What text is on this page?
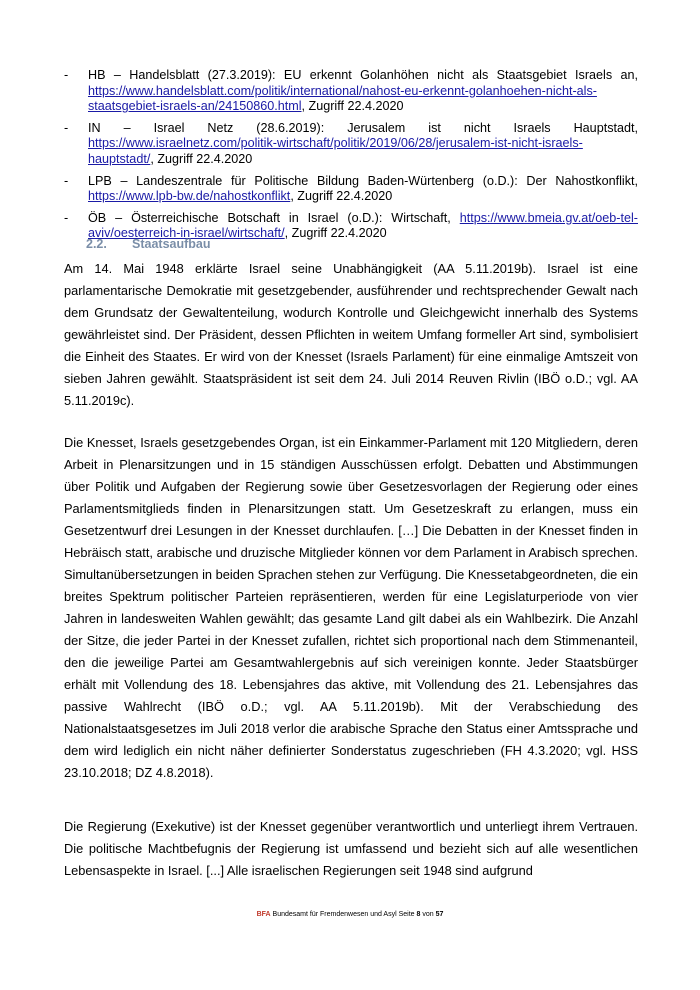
- HB – Handelsblatt (27.3.2019): EU erkennt Golanhöhen nicht als Staatsgebiet Israels an, https://www.handelsblatt.com/politik/international/nahost-eu-erkennt-golanhoehen-nicht-als-staatsgebiet-israels-an/24150860.html, Zugriff 22.4.2020
- IN – Israel Netz (28.6.2019): Jerusalem ist nicht Israels Hauptstadt, https://www.israelnetz.com/politik-wirtschaft/politik/2019/06/28/jerusalem-ist-nicht-israels-hauptstadt/, Zugriff 22.4.2020
- LPB – Landeszentrale für Politische Bildung Baden-Würtenberg (o.D.): Der Nahostkonflikt, https://www.lpb-bw.de/nahostkonflikt, Zugriff 22.4.2020
- ÖB – Österreichische Botschaft in Israel (o.D.): Wirtschaft, https://www.bmeia.gv.at/oeb-tel-aviv/oesterreich-in-israel/wirtschaft/, Zugriff 22.4.2020
2.2. Staatsaufbau

Am 14. Mai 1948 erklärte Israel seine Unabhängigkeit (AA 5.11.2019b). Israel ist eine parlamentarische Demokratie mit gesetzgebender, ausführender und rechtsprechender Gewalt nach dem Grundsatz der Gewaltenteilung, wodurch Kontrolle und Gleichgewicht innerhalb des Systems gewährleistet sind. Der Präsident, dessen Pflichten in weitem Umfang formeller Art sind, symbolisiert die Einheit des Staates. Er wird von der Knesset (Israels Parlament) für eine einmalige Amtszeit von sieben Jahren gewählt. Staatspräsident ist seit dem 24. Juli 2014 Reuven Rivlin (IBÖ o.D.; vgl. AA 5.11.2019c).

Die Knesset, Israels gesetzgebendes Organ, ist ein Einkammer-Parlament mit 120 Mitgliedern, deren Arbeit in Plenarsitzungen und in 15 ständigen Ausschüssen erfolgt. Debatten und Abstimmungen über Politik und Aufgaben der Regierung sowie über Gesetzesvorlagen der Regierung oder eines Parlamentsmitglieds finden in Plenarsitzungen statt. Um Gesetzeskraft zu erlangen, muss ein Gesetzentwurf drei Lesungen in der Knesset durchlaufen. […] Die Debatten in der Knesset finden in Hebräisch statt, arabische und druzische Mitglieder können vor dem Parlament in Arabisch sprechen. Simultanübersetzungen in beiden Sprachen stehen zur Verfügung. Die Knessetabgeordneten, die ein breites Spektrum politischer Parteien repräsentieren, werden für eine Legislaturperiode von vier Jahren in landesweiten Wahlen gewählt; das gesamte Land gilt dabei als ein Wahlbezirk. Die Anzahl der Sitze, die jeder Partei in der Knesset zufallen, richtet sich proportional nach dem Stimmenanteil, den die jeweilige Partei am Gesamtwahlergebnis auf sich vereinigen konnte. Jeder Staatsbürger erhält mit Vollendung des 18. Lebensjahres das aktive, mit Vollendung des 21. Lebensjahres das passive Wahlrecht (IBÖ o.D.; vgl. AA 5.11.2019b). Mit der Verabschiedung des Nationalstaatsgesetzes im Juli 2018 verlor die arabische Sprache den Status einer Amtssprache und dem wird lediglich ein nicht näher definierter Sonderstatus zugeschrieben (FH 4.3.2020; vgl. HSS 23.10.2018; DZ 4.8.2018).

Die Regierung (Exekutive) ist der Knesset gegenüber verantwortlich und unterliegt ihrem Vertrauen. Die politische Machtbefugnis der Regierung ist umfassend und bezieht sich auf alle wesentlichen Lebensaspekte in Israel. [...] Alle israelischen Regierungen seit 1948 sind aufgrund

BFA Bundesamt für Fremdenwesen und Asyl Seite 8 von 57
